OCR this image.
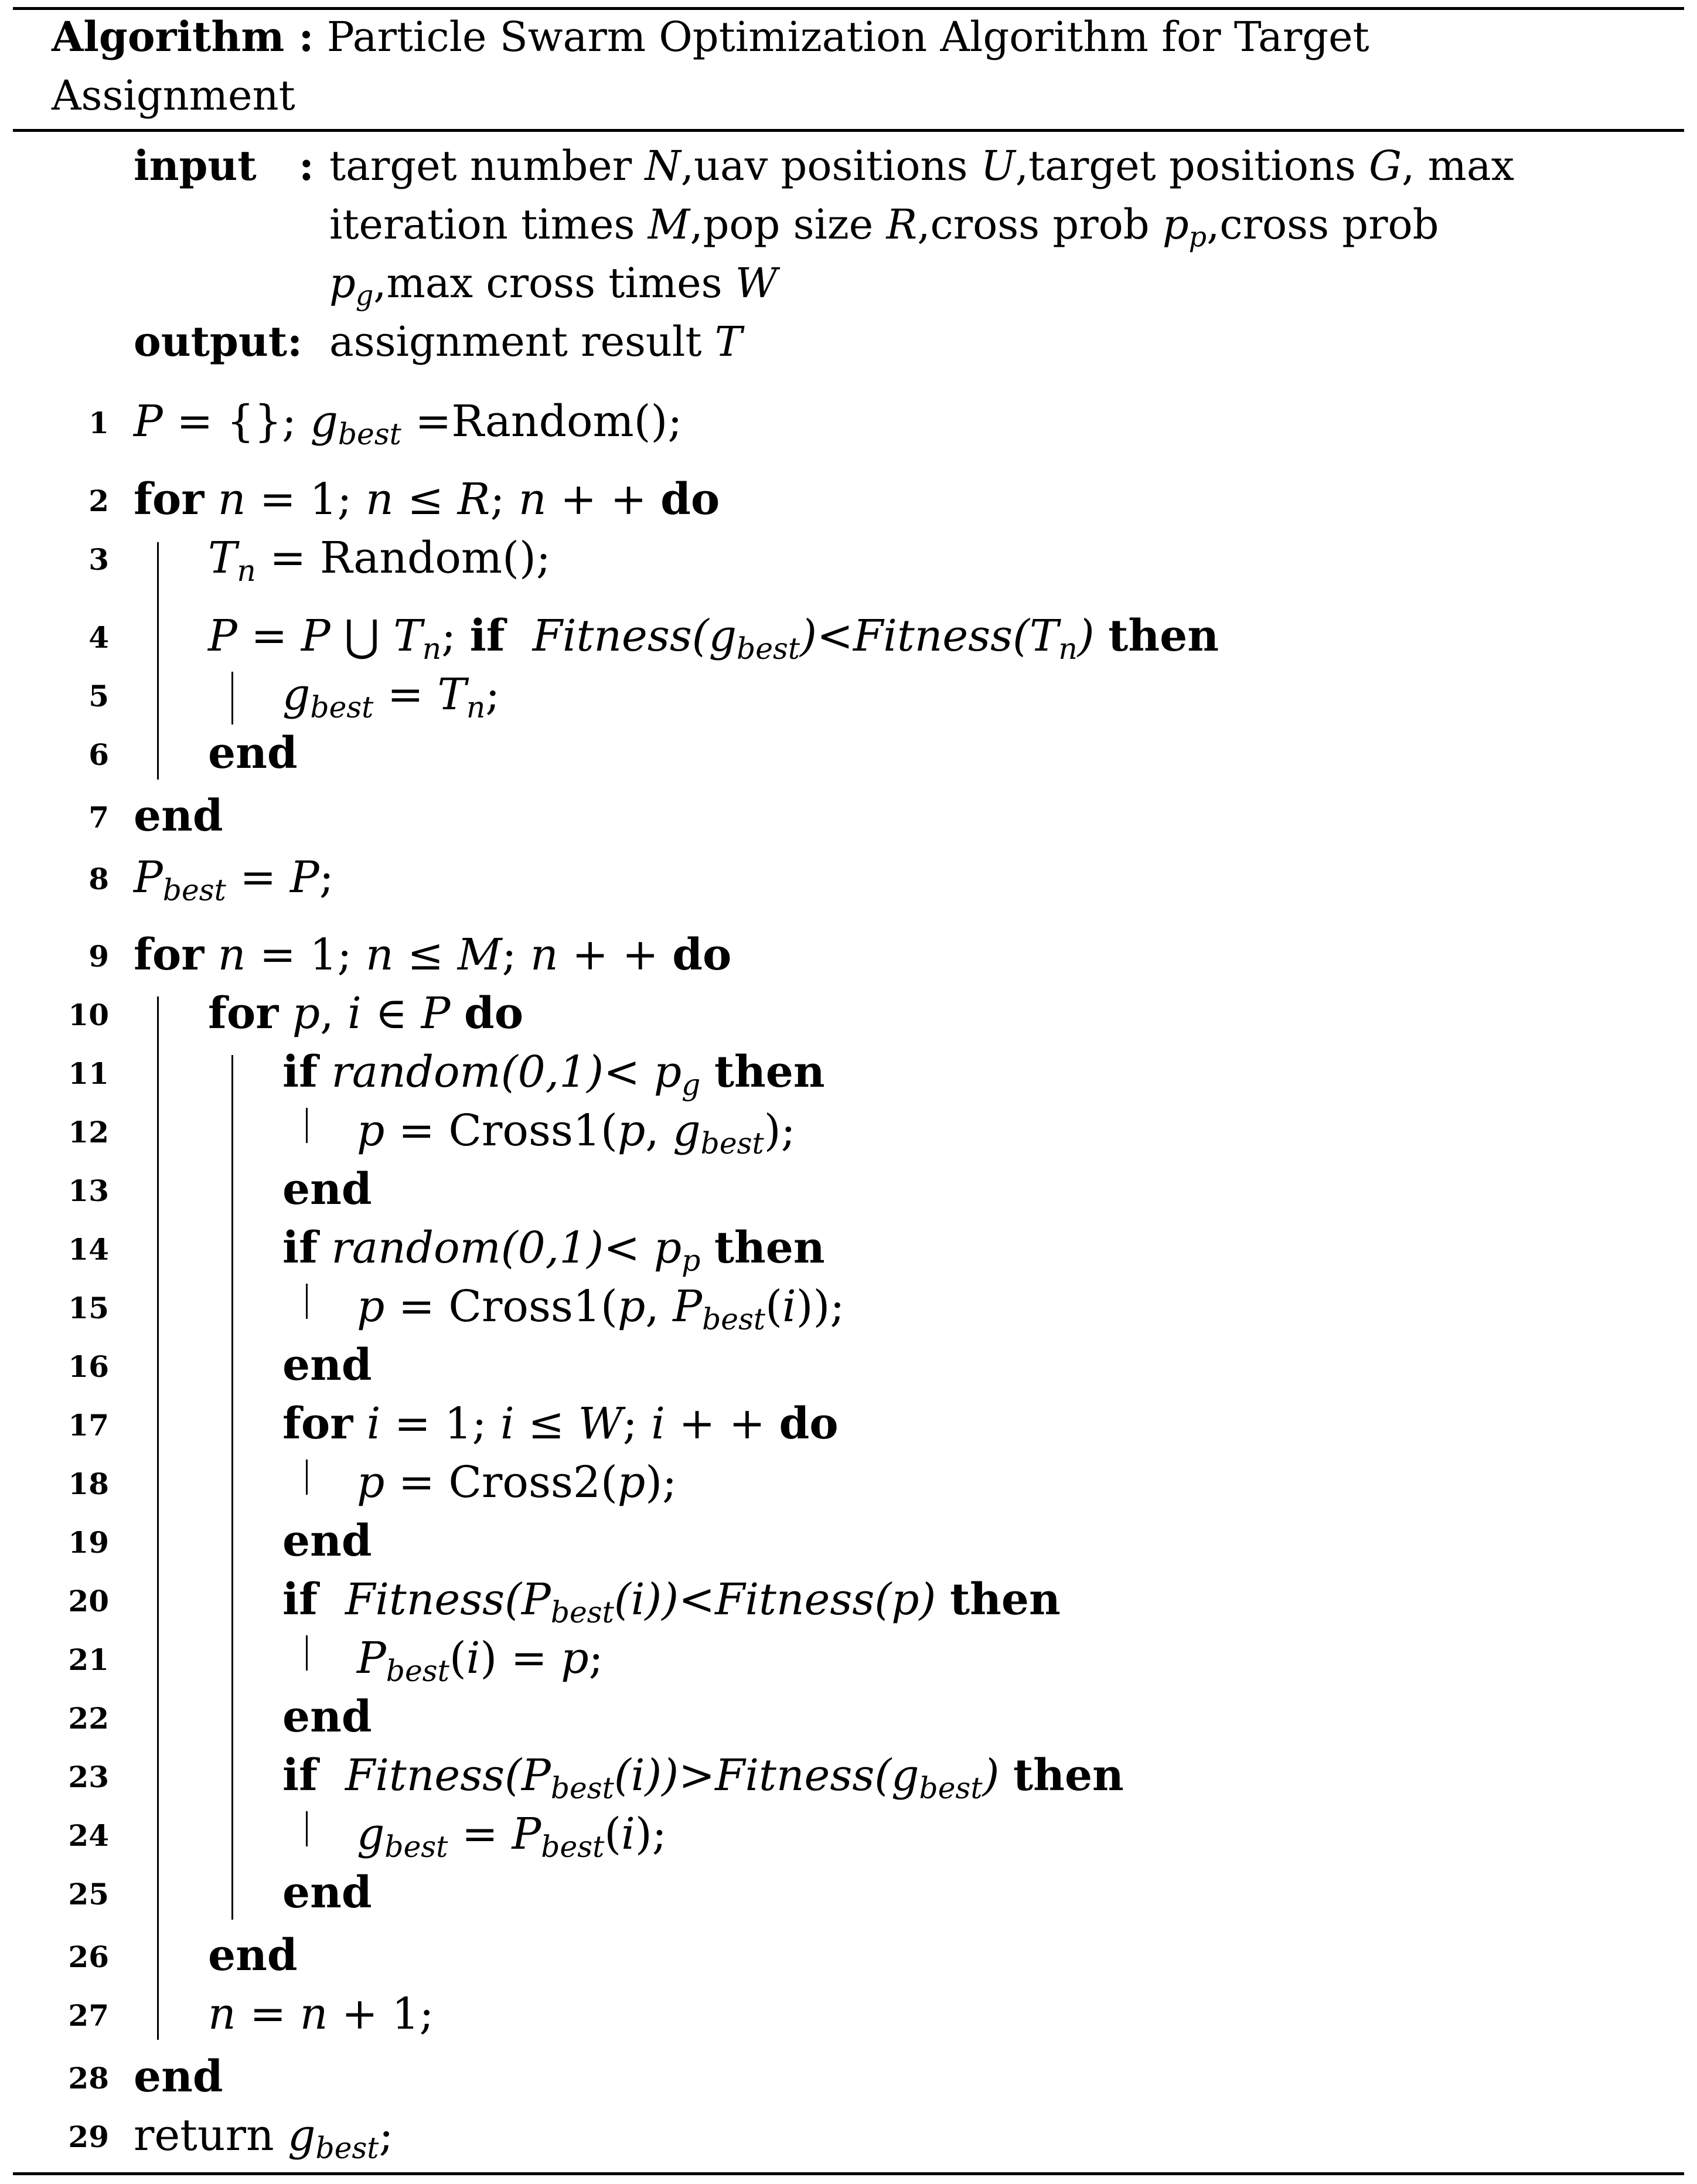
Algorithm : Particle Swarm Optimization Algorithm for Target
Assignment
input : target number N,uav positions U,target positions G, max
iteration times M,pop size R,cross prob $p_p,cross$ prob
$p_g,\max$ cross times W
output: assignment result T
1 P = {}; $g_{best}$ =Random();
2 for n = 1; n ≤ R; n + + do
3 $T_n$ = Random();
4 P = P ⋃ $T_n$; if $Fitness(g_{best})<Fitness(T_n)$ then
5	$g_{best} = T_n$;
6 end
7 end
8 $P_{best} = P$;
9 for n = 1; n ≤ M; n + + do
10 for p, i ∈ P do
11	if random(0,1)< $p_g$ then
12	p = Cross1(p, $g_{best}$);
13	end
14	if random(0,1)< $p_p$ then
15	p = Cross1(p, $P_{best}(i)$);
16	end
17	for i = 1; i ≤ W; i + + do
18	p = Cross2(p);
19	end
20	if $Fitness(P_{best}(i))<Fitness(p)$ then
21	$P_{best}(i) = p$;
22	end
23	if $Fitness(P_{best}(i))>Fitness(g_{best})$ then
24	$g_{best} = P_{best}(i)$;
25	end
26 end
27 n = n + 1;
28 end
29 return $g_{best}$;
